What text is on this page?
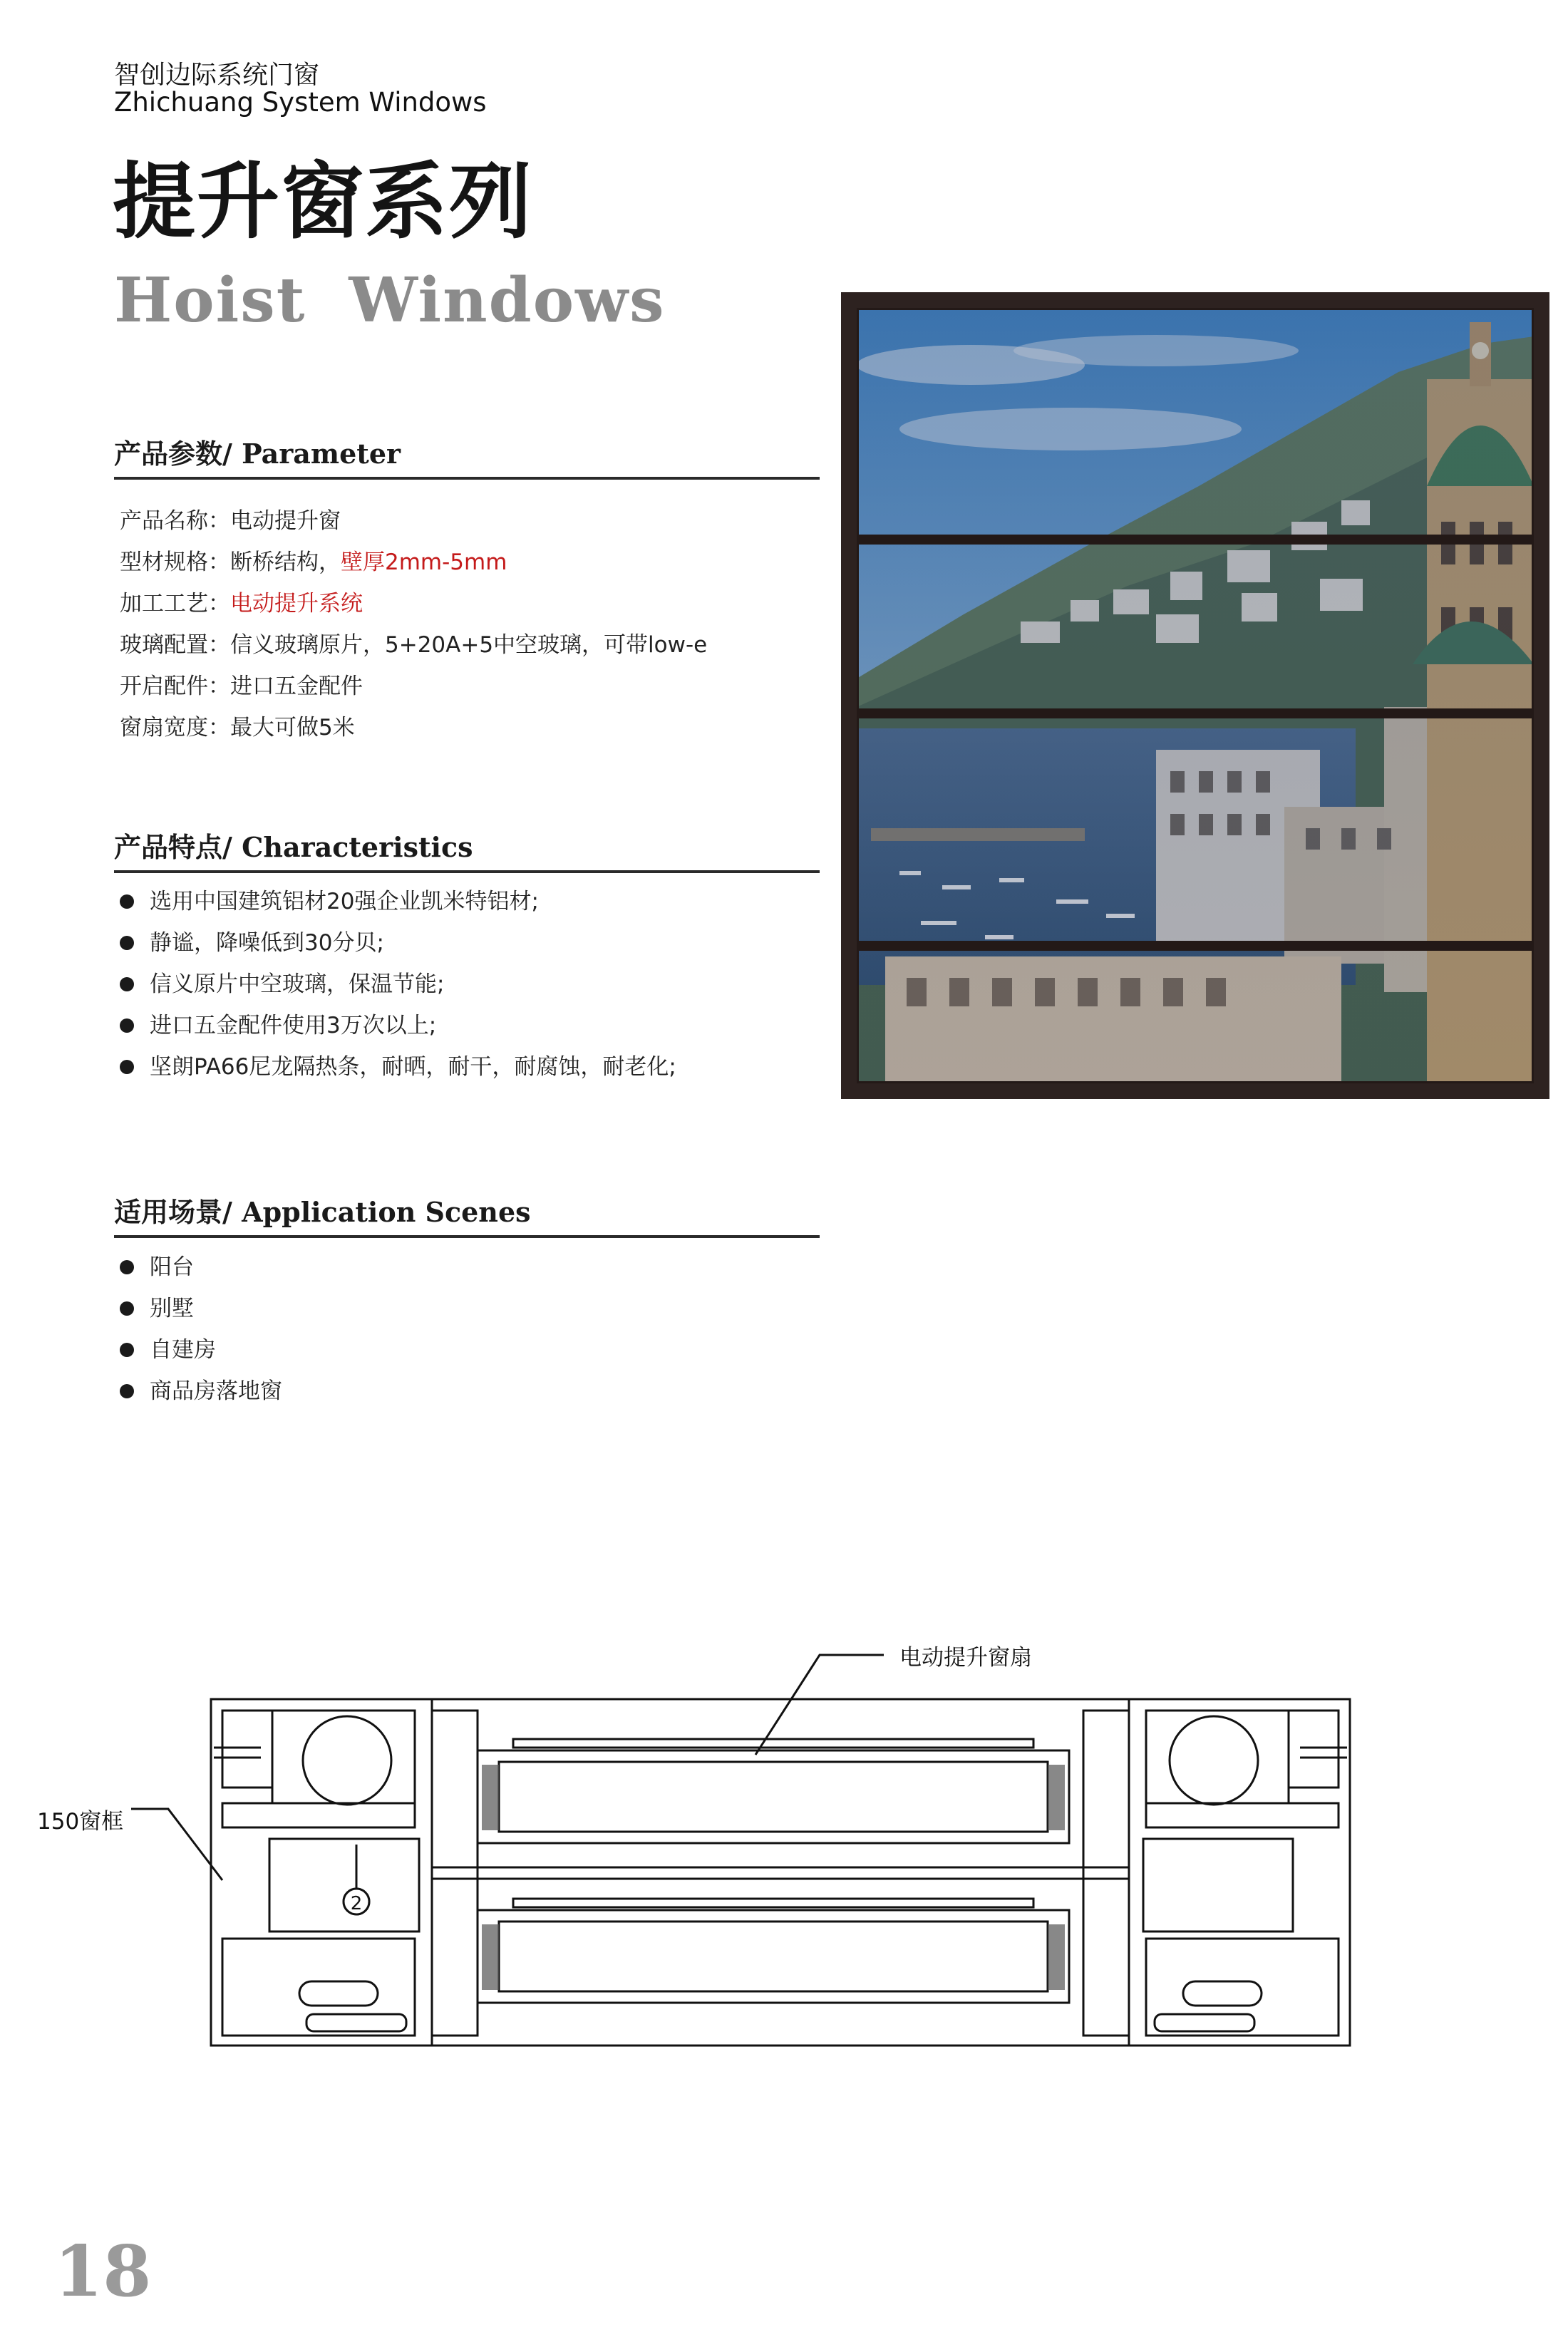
智创边际系统门窗
Zhichuang System Windows
提升窗系列
Hoist Windows
产品参数/ Parameter
产品名称：电动提升窗
型材规格：断桥结构，壁厚2mm-5mm
加工工艺：电动提升系统
玻璃配置：信义玻璃原片，5+20A+5中空玻璃，可带low-e
开启配件：进口五金配件
窗扇宽度：最大可做5米
产品特点/ Characteristics
选用中国建筑铝材20强企业凯米特铝材;
静谧，降噪低到30分贝;
信义原片中空玻璃，保温节能;
进口五金配件使用3万次以上;
坚朗PA66尼龙隔热条，耐晒，耐干，耐腐蚀，耐老化;
适用场景/ Application Scenes
阳台
别墅
自建房
商品房落地窗
2
电动提升窗扇
150窗框
18
